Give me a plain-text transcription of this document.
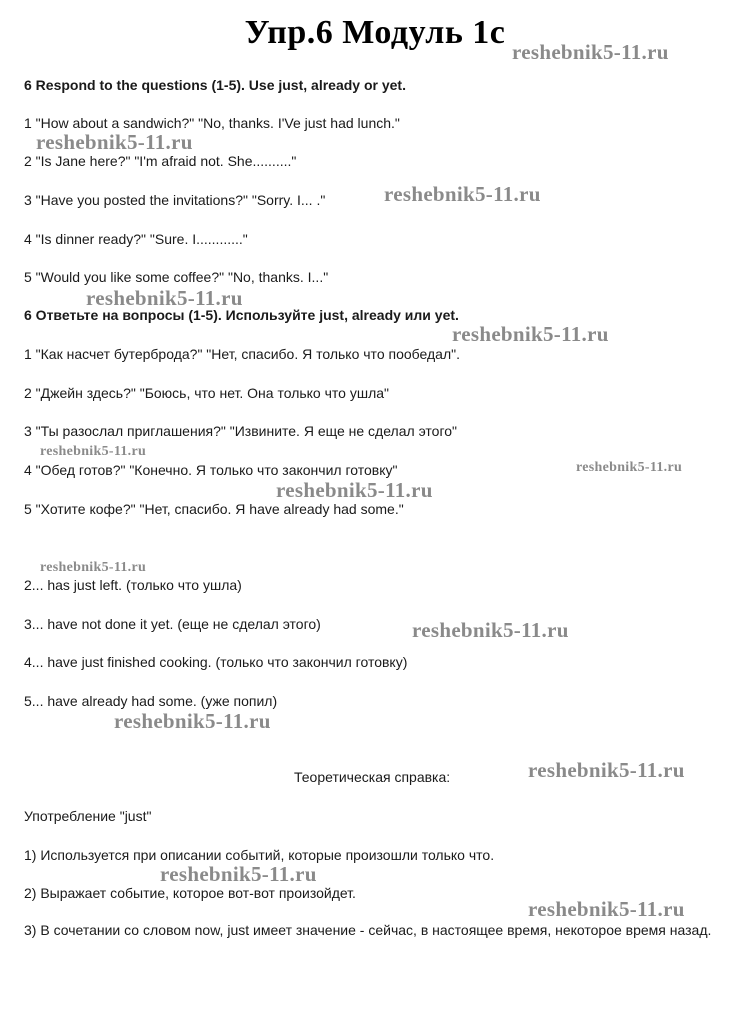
Упр.6 Модуль 1с
6 Respond to the questions (1-5). Use just, already or yet.
1 "How about a sandwich?" "No, thanks. I'Ve just had lunch."
2 "Is Jane here?" "I'm afraid not. She.........."
3 "Have you posted the invitations?" "Sorry. I... ."
4 "Is dinner ready?" "Sure. I............"
5 "Would you like some coffee?" "No, thanks. I..."
6 Ответьте на вопросы (1-5). Используйте just, already или yet.
1 "Как насчет бутерброда?" "Нет, спасибо. Я только что пообедал".
2 "Джейн здесь?" "Боюсь, что нет. Она только что ушла"
3 "Ты разослал приглашения?" "Извините. Я еще не сделал этого"
4 "Обед готов?" "Конечно. Я только что закончил готовку"
5 "Хотите кофе?" "Нет, спасибо. Я have already had some."
2... has just left. (только что ушла)
3... have not done it yet. (еще не сделал этого)
4... have just finished cooking. (только что закончил готовку)
5... have already had some. (уже попил)
Теоретическая справка:
Употребление "just"
1) Используется при описании событий, которые произошли только что.
2) Выражает событие, которое вот-вот произойдет.
3) В сочетании со словом now, just имеет значение - сейчас, в настоящее время, некоторое время назад.
reshebnik5-11.ru
reshebnik5-11.ru
reshebnik5-11.ru
reshebnik5-11.ru
reshebnik5-11.ru
reshebnik5-11.ru
reshebnik5-11.ru
reshebnik5-11.ru
reshebnik5-11.ru
reshebnik5-11.ru
reshebnik5-11.ru
reshebnik5-11.ru
reshebnik5-11.ru
reshebnik5-11.ru
